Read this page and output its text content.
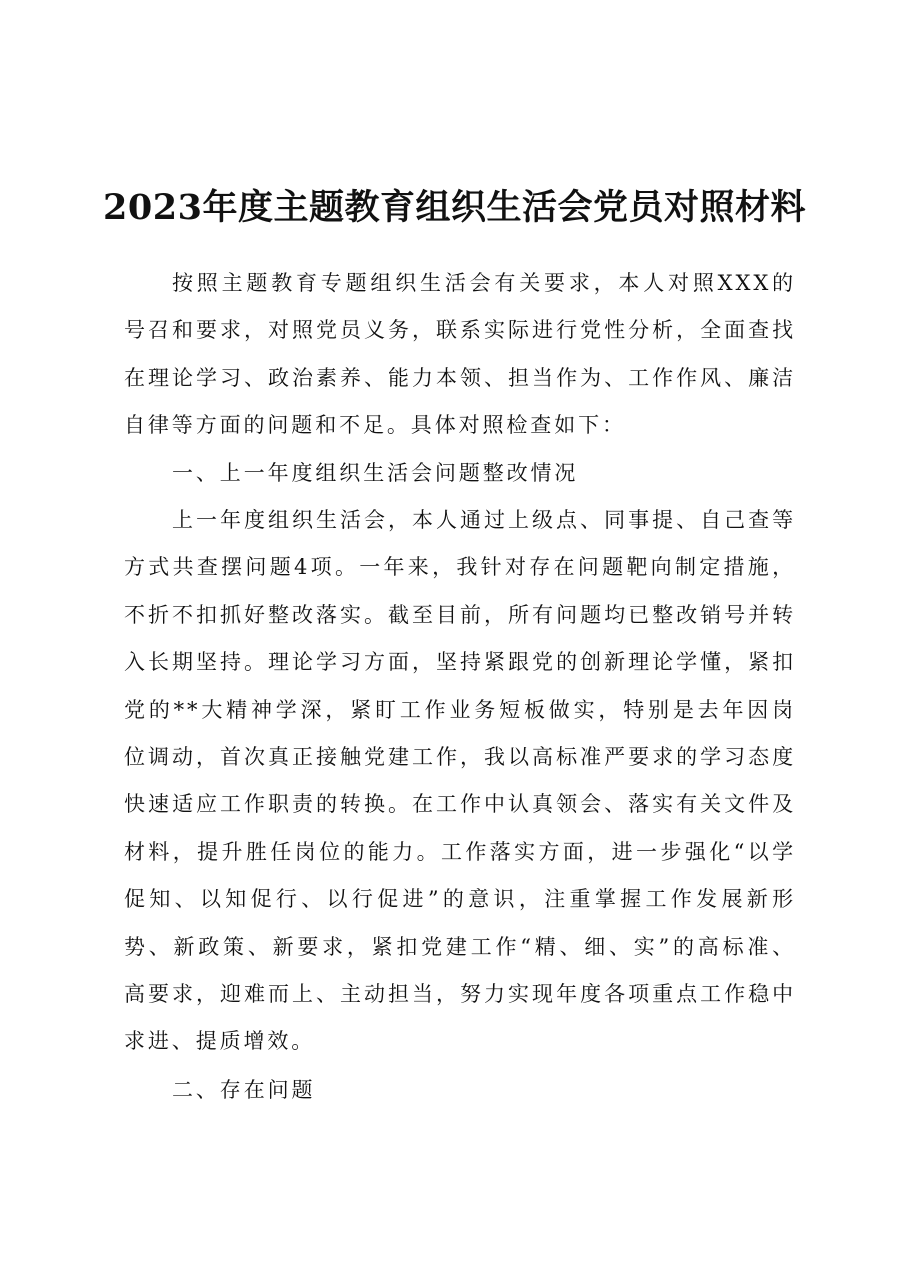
2023年度主题教育组织生活会党员对照材料

按照主题教育专题组织生活会有关要求，本人对照XXX的号召和要求，对照党员义务，联系实际进行党性分析，全面查找在理论学习、政治素养、能力本领、担当作为、工作作风、廉洁自律等方面的问题和不足。具体对照检查如下：

一、上一年度组织生活会问题整改情况

上一年度组织生活会，本人通过上级点、同事提、自己查等方式共查摆问题4项。一年来，我针对存在问题靶向制定措施，不折不扣抓好整改落实。截至目前，所有问题均已整改销号并转入长期坚持。理论学习方面，坚持紧跟党的创新理论学懂，紧扣党的**大精神学深，紧盯工作业务短板做实，特别是去年因岗位调动，首次真正接触党建工作，我以高标准严要求的学习态度快速适应工作职责的转换。在工作中认真领会、落实有关文件及材料，提升胜任岗位的能力。工作落实方面，进一步强化“以学促知、以知促行、以行促进”的意识，注重掌握工作发展新形势、新政策、新要求，紧扣党建工作“精、细、实”的高标准、高要求，迎难而上、主动担当，努力实现年度各项重点工作稳中求进、提质增效。

二、存在问题
